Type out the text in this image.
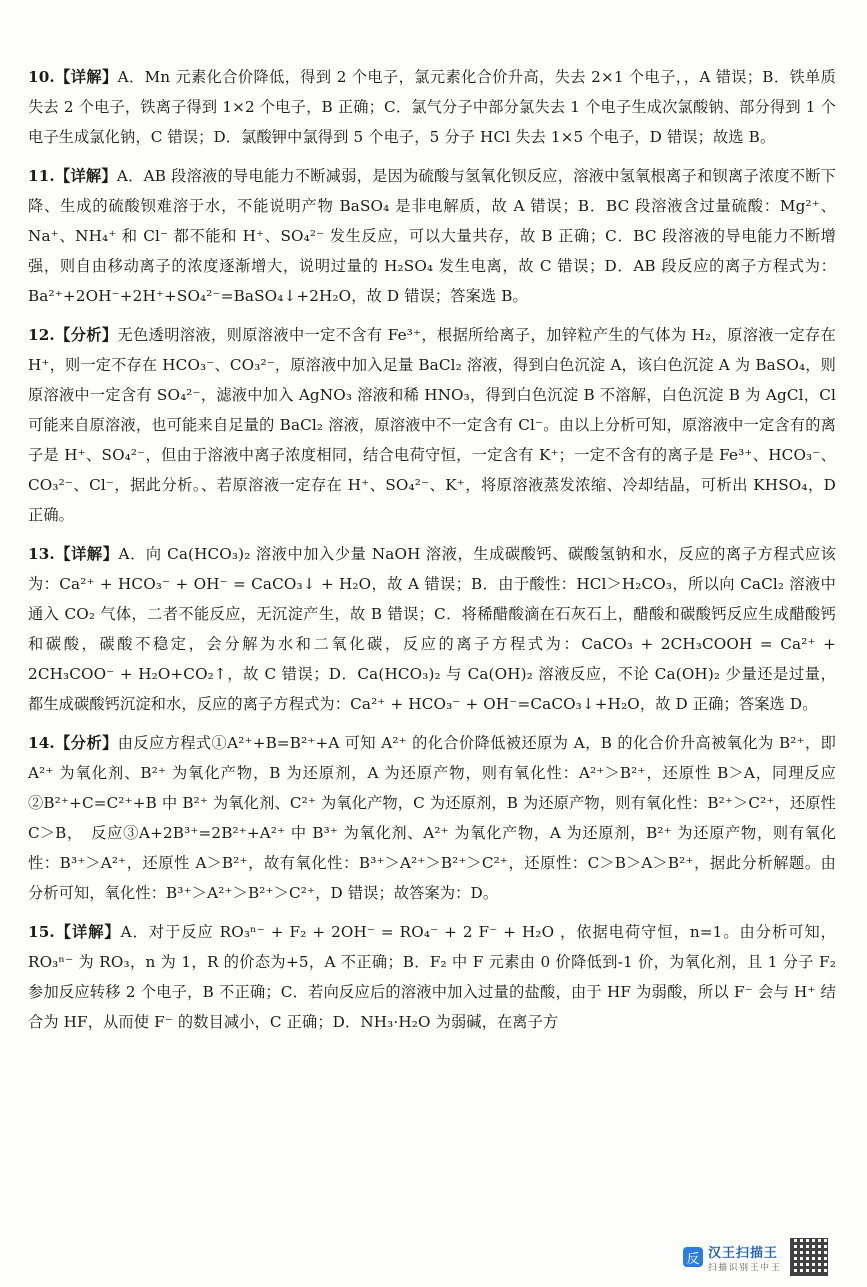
10.【详解】A．Mn 元素化合价降低，得到 2 个电子，氯元素化合价升高，失去 2×1 个电子，，A 错误；B．铁单质失去 2 个电子，铁离子得到 1×2 个电子，B 正确；C．氯气分子中部分氯失去 1 个电子生成次氯酸钠、部分得到 1 个电子生成氯化钠，C 错误；D．氯酸钾中氯得到 5 个电子，5 分子 HCl 失去 1×5 个电子，D 错误；故选 B。

11.【详解】A．AB 段溶液的导电能力不断减弱，是因为硫酸与氢氧化钡反应，溶液中氢氧根离子和钡离子浓度不断下降、生成的硫酸钡难溶于水，不能说明产物 BaSO₄ 是非电解质，故 A 错误；B．BC 段溶液含过量硫酸：Mg²⁺、Na⁺、NH₄⁺ 和 Cl⁻ 都不能和 H⁺、SO₄²⁻ 发生反应，可以大量共存，故 B 正确；C．BC 段溶液的导电能力不断增强，则自由移动离子的浓度逐渐增大，说明过量的 H₂SO₄ 发生电离，故 C 错误；D．AB 段反应的离子方程式为：Ba²⁺+2OH⁻+2H⁺+SO₄²⁻=BaSO₄↓+2H₂O，故 D 错误；答案选 B。

12.【分析】无色透明溶液，则原溶液中一定不含有 Fe³⁺，根据所给离子，加锌粒产生的气体为 H₂，原溶液一定存在 H⁺，则一定不存在 HCO₃⁻、CO₃²⁻，原溶液中加入足量 BaCl₂ 溶液，得到白色沉淀 A，该白色沉淀 A 为 BaSO₄，则原溶液中一定含有 SO₄²⁻，滤液中加入 AgNO₃ 溶液和稀 HNO₃，得到白色沉淀 B 不溶解，白色沉淀 B 为 AgCl，Cl 可能来自原溶液，也可能来自足量的 BaCl₂ 溶液，原溶液中不一定含有 Cl⁻。由以上分析可知，原溶液中一定含有的离子是 H⁺、SO₄²⁻，但由于溶液中离子浓度相同，结合电荷守恒，一定含有 K⁺；一定不含有的离子是 Fe³⁺、HCO₃⁻、CO₃²⁻、Cl⁻，据此分析。、若原溶液一定存在 H⁺、SO₄²⁻、K⁺，将原溶液蒸发浓缩、冷却结晶，可析出 KHSO₄，D 正确。

13.【详解】A．向 Ca(HCO₃)₂ 溶液中加入少量 NaOH 溶液，生成碳酸钙、碳酸氢钠和水，反应的离子方程式应该为：Ca²⁺ + HCO₃⁻ + OH⁻ = CaCO₃↓ + H₂O，故 A 错误；B．由于酸性：HCl＞H₂CO₃，所以向 CaCl₂ 溶液中通入 CO₂ 气体，二者不能反应，无沉淀产生，故 B 错误；C．将稀醋酸滴在石灰石上，醋酸和碳酸钙反应生成醋酸钙和碳酸，碳酸不稳定，会分解为水和二氧化碳，反应的离子方程式为：CaCO₃ + 2CH₃COOH = Ca²⁺ + 2CH₃COO⁻ + H₂O+CO₂↑，故 C 错误；D．Ca(HCO₃)₂ 与 Ca(OH)₂ 溶液反应，不论 Ca(OH)₂ 少量还是过量，都生成碳酸钙沉淀和水，反应的离子方程式为：Ca²⁺ + HCO₃⁻ + OH⁻=CaCO₃↓+H₂O，故 D 正确；答案选 D。

14.【分析】由反应方程式①A²⁺+B=B²⁺+A 可知 A²⁺ 的化合价降低被还原为 A，B 的化合价升高被氧化为 B²⁺，即 A²⁺ 为氧化剂、B²⁺ 为氧化产物，B 为还原剂，A 为还原产物，则有氧化性：A²⁺＞B²⁺，还原性 B＞A，同理反应②B²⁺+C=C²⁺+B 中 B²⁺ 为氧化剂、C²⁺ 为氧化产物，C 为还原剂，B 为还原产物，则有氧化性：B²⁺＞C²⁺，还原性 C＞B，　反应③A+2B³⁺=2B²⁺+A²⁺ 中 B³⁺ 为氧化剂、A²⁺ 为氧化产物，A 为还原剂，B²⁺ 为还原产物，则有氧化性：B³⁺＞A²⁺，还原性 A＞B²⁺，故有氧化性：B³⁺＞A²⁺＞B²⁺＞C²⁺，还原性：C＞B＞A＞B²⁺，据此分析解题。由分析可知，氧化性：B³⁺＞A²⁺＞B²⁺＞C²⁺，D 错误；故答案为：D。

15.【详解】A．对于反应 RO₃ⁿ⁻ + F₂ + 2OH⁻ = RO₄⁻ + 2 F⁻ + H₂O ，依据电荷守恒，n=1。由分析可知，RO₃ⁿ⁻ 为 RO₃，n 为 1，R 的价态为+5，A 不正确；B．F₂ 中 F 元素由 0 价降低到-1 价，为氧化剂，且 1 分子 F₂ 参加反应转移 2 个电子，B 不正确；C．若向反应后的溶液中加入过量的盐酸，由于 HF 为弱酸，所以 F⁻ 会与 H⁺ 结合为 HF，从而使 F⁻ 的数目减小，C 正确；D．NH₃·H₂O 为弱碱，在离子方

反 汉王扫描王
扫描识别王中王
